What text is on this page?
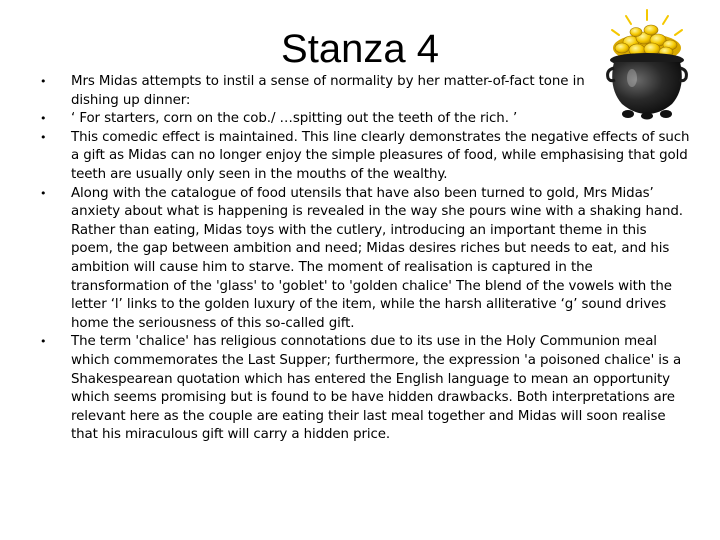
Stanza 4
• Mrs Midas attempts to instil a sense of normality by her matter-of-fact tone in dishing up dinner:
• ‘ For starters, corn on the cob./ …spitting out the teeth of the rich. ’
• This comedic effect is maintained. This line clearly demonstrates the negative effects of such a gift as Midas can no longer enjoy the simple pleasures of food, while emphasising that gold teeth are usually only seen in the mouths of the wealthy.
• Along with the catalogue of food utensils that have also been turned to gold, Mrs Midas’ anxiety about what is happening is revealed in the way she pours wine with a shaking hand. Rather than eating, Midas toys with the cutlery, introducing an important theme in this poem, the gap between ambition and need; Midas desires riches but needs to eat, and his ambition will cause him to starve. The moment of realisation is captured in the transformation of the 'glass' to 'goblet' to 'golden chalice' The blend of the vowels with the letter ‘l’ links to the golden luxury of the item, while the harsh alliterative ‘g’ sound drives home the seriousness of this so-called gift.
• The term 'chalice' has religious connotations due to its use in the Holy Communion meal which commemorates the Last Supper; furthermore, the expression 'a poisoned chalice' is a Shakespearean quotation which has entered the English language to mean an opportunity which seems promising but is found to be have hidden drawbacks. Both interpretations are relevant here as the couple are eating their last meal together and Midas will soon realise that his miraculous gift will carry a hidden price.
